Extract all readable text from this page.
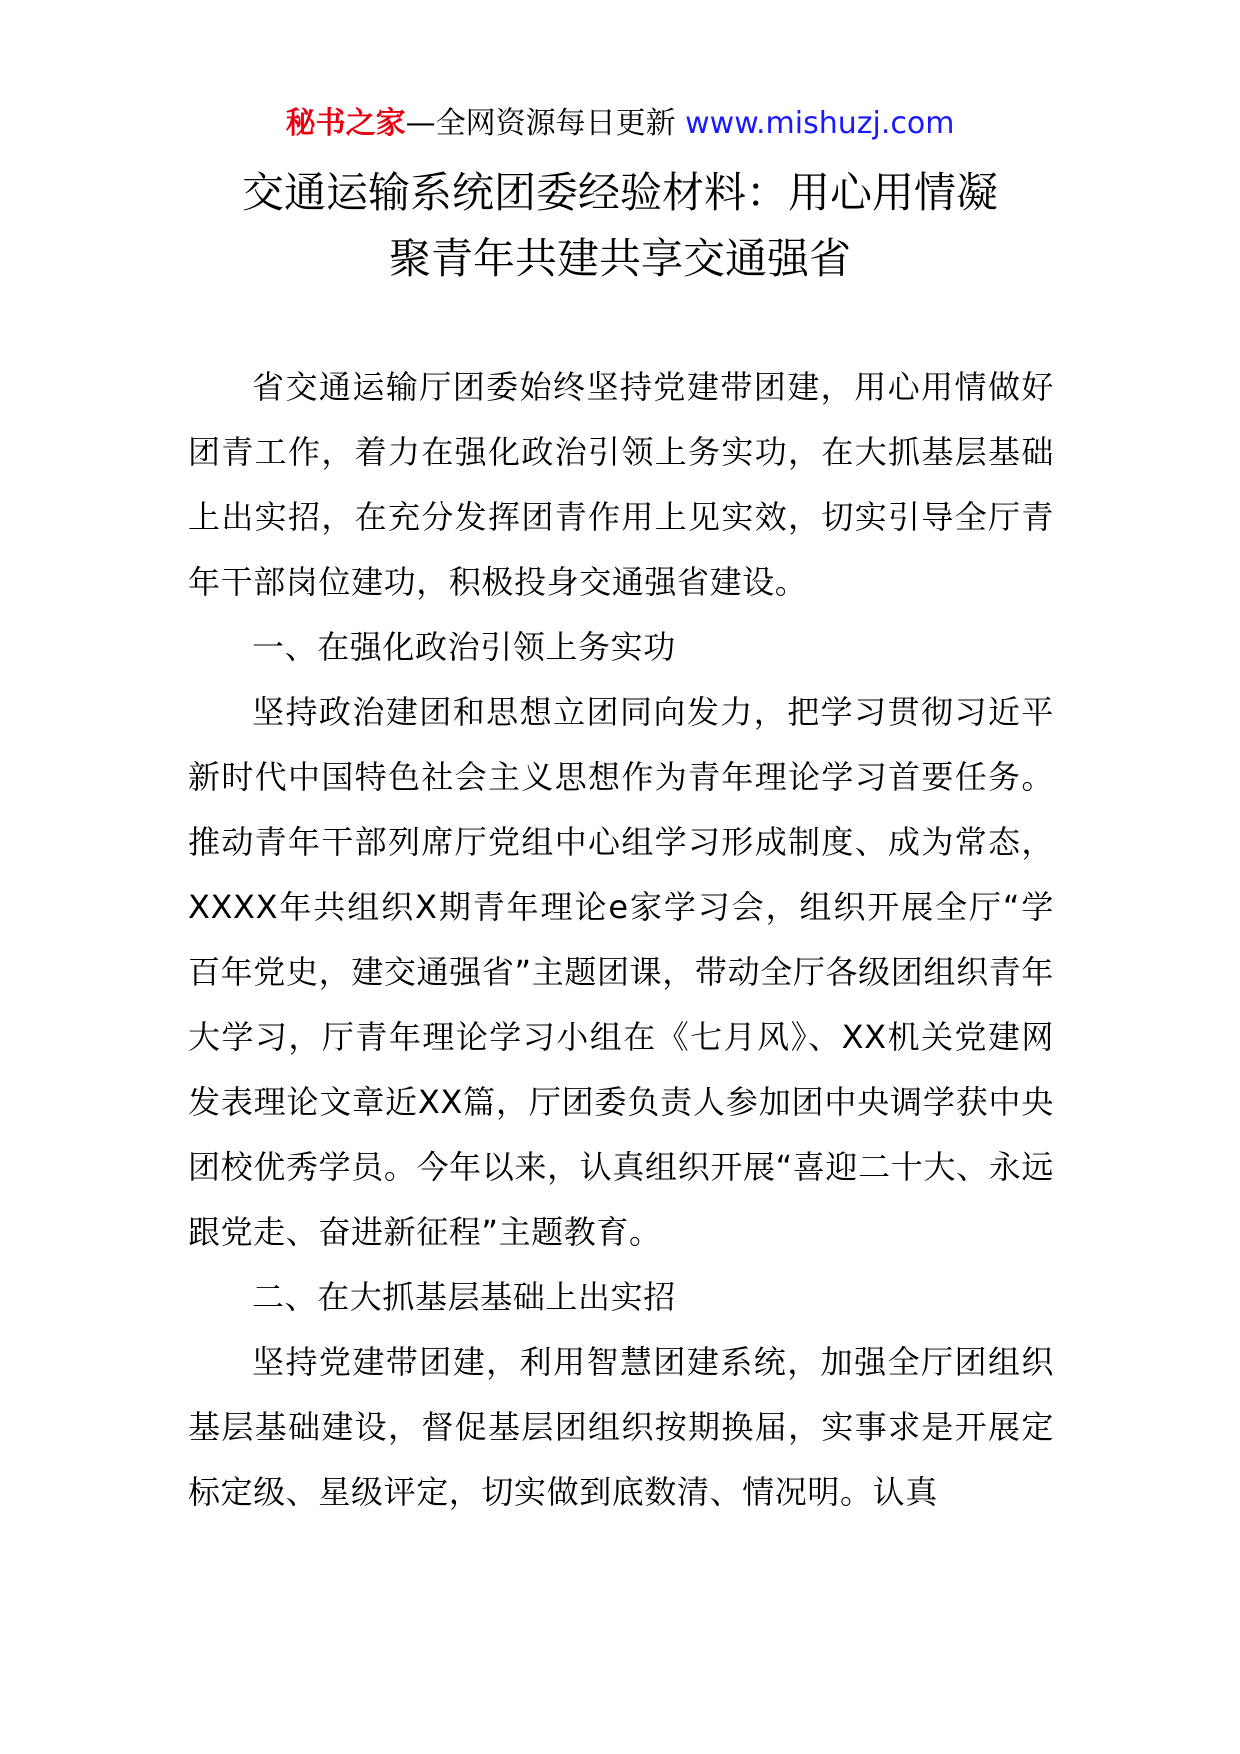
秘书之家—全网资源每日更新 www.mishuzj.com
交通运输系统团委经验材料：用心用情凝
聚青年共建共享交通强省

省交通运输厅团委始终坚持党建带团建，用心用情做好团青工作，着力在强化政治引领上务实功，在大抓基层基础上出实招，在充分发挥团青作用上见实效，切实引导全厅青年干部岗位建功，积极投身交通强省建设。

一、在强化政治引领上务实功

坚持政治建团和思想立团同向发力，把学习贯彻习近平新时代中国特色社会主义思想作为青年理论学习首要任务。推动青年干部列席厅党组中心组学习形成制度、成为常态，XXXX年共组织X期青年理论e家学习会，组织开展全厅“学百年党史，建交通强省”主题团课，带动全厅各级团组织青年大学习，厅青年理论学习小组在《七月风》、XX机关党建网发表理论文章近XX篇，厅团委负责人参加团中央调学获中央团校优秀学员。今年以来，认真组织开展“喜迎二十大、永远跟党走、奋进新征程”主题教育。

二、在大抓基层基础上出实招

坚持党建带团建，利用智慧团建系统，加强全厅团组织基层基础建设，督促基层团组织按期换届，实事求是开展定标定级、星级评定，切实做到底数清、情况明。认真
